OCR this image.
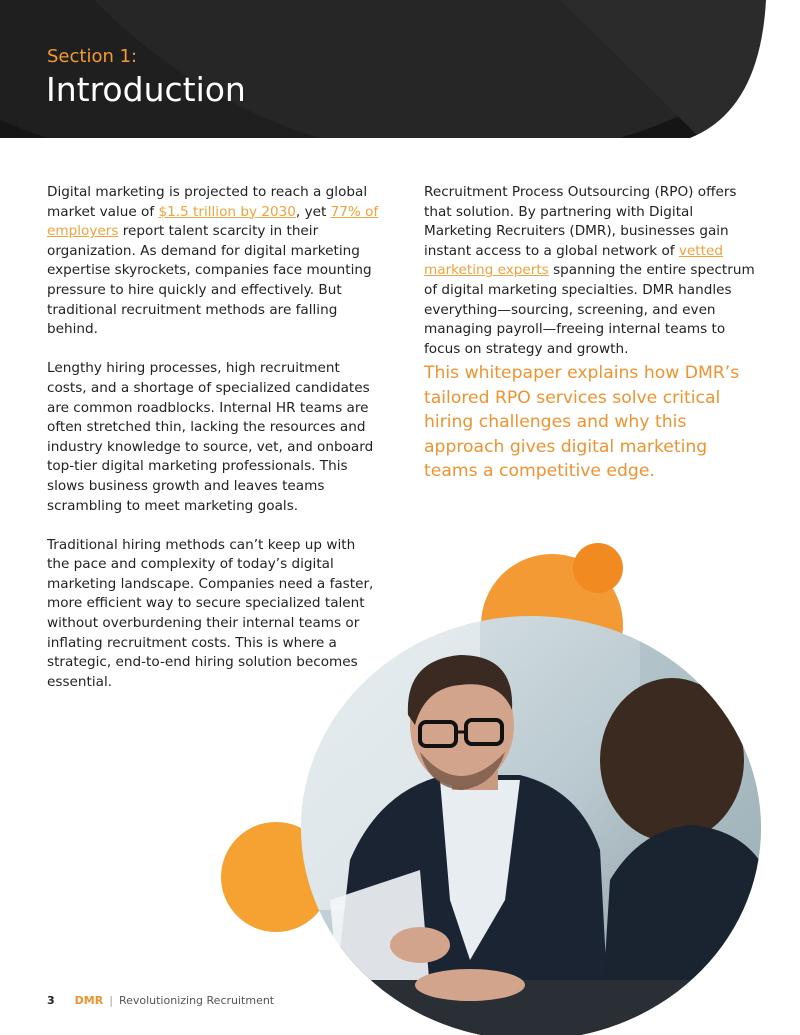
Section 1:
Introduction

Digital marketing is projected to reach a global market value of $1.5 trillion by 2030, yet 77% of employers report talent scarcity in their organization. As demand for digital marketing expertise skyrockets, companies face mounting pressure to hire quickly and effectively. But traditional recruitment methods are falling behind.

Lengthy hiring processes, high recruitment costs, and a shortage of specialized candidates are common roadblocks. Internal HR teams are often stretched thin, lacking the resources and industry knowledge to source, vet, and onboard top-tier digital marketing professionals. This slows business growth and leaves teams scrambling to meet marketing goals.

Traditional hiring methods can’t keep up with the pace and complexity of today’s digital marketing landscape. Companies need a faster, more efficient way to secure specialized talent without overburdening their internal teams or inflating recruitment costs. This is where a strategic, end-to-end hiring solution becomes essential.

Recruitment Process Outsourcing (RPO) offers that solution. By partnering with Digital Marketing Recruiters (DMR), businesses gain instant access to a global network of vetted marketing experts spanning the entire spectrum of digital marketing specialties. DMR handles everything—sourcing, screening, and even managing payroll—freeing internal teams to focus on strategy and growth.

This whitepaper explains how DMR’s tailored RPO services solve critical hiring challenges and why this approach gives digital marketing teams a competitive edge.
3 DMR | Revolutionizing Recruitment
